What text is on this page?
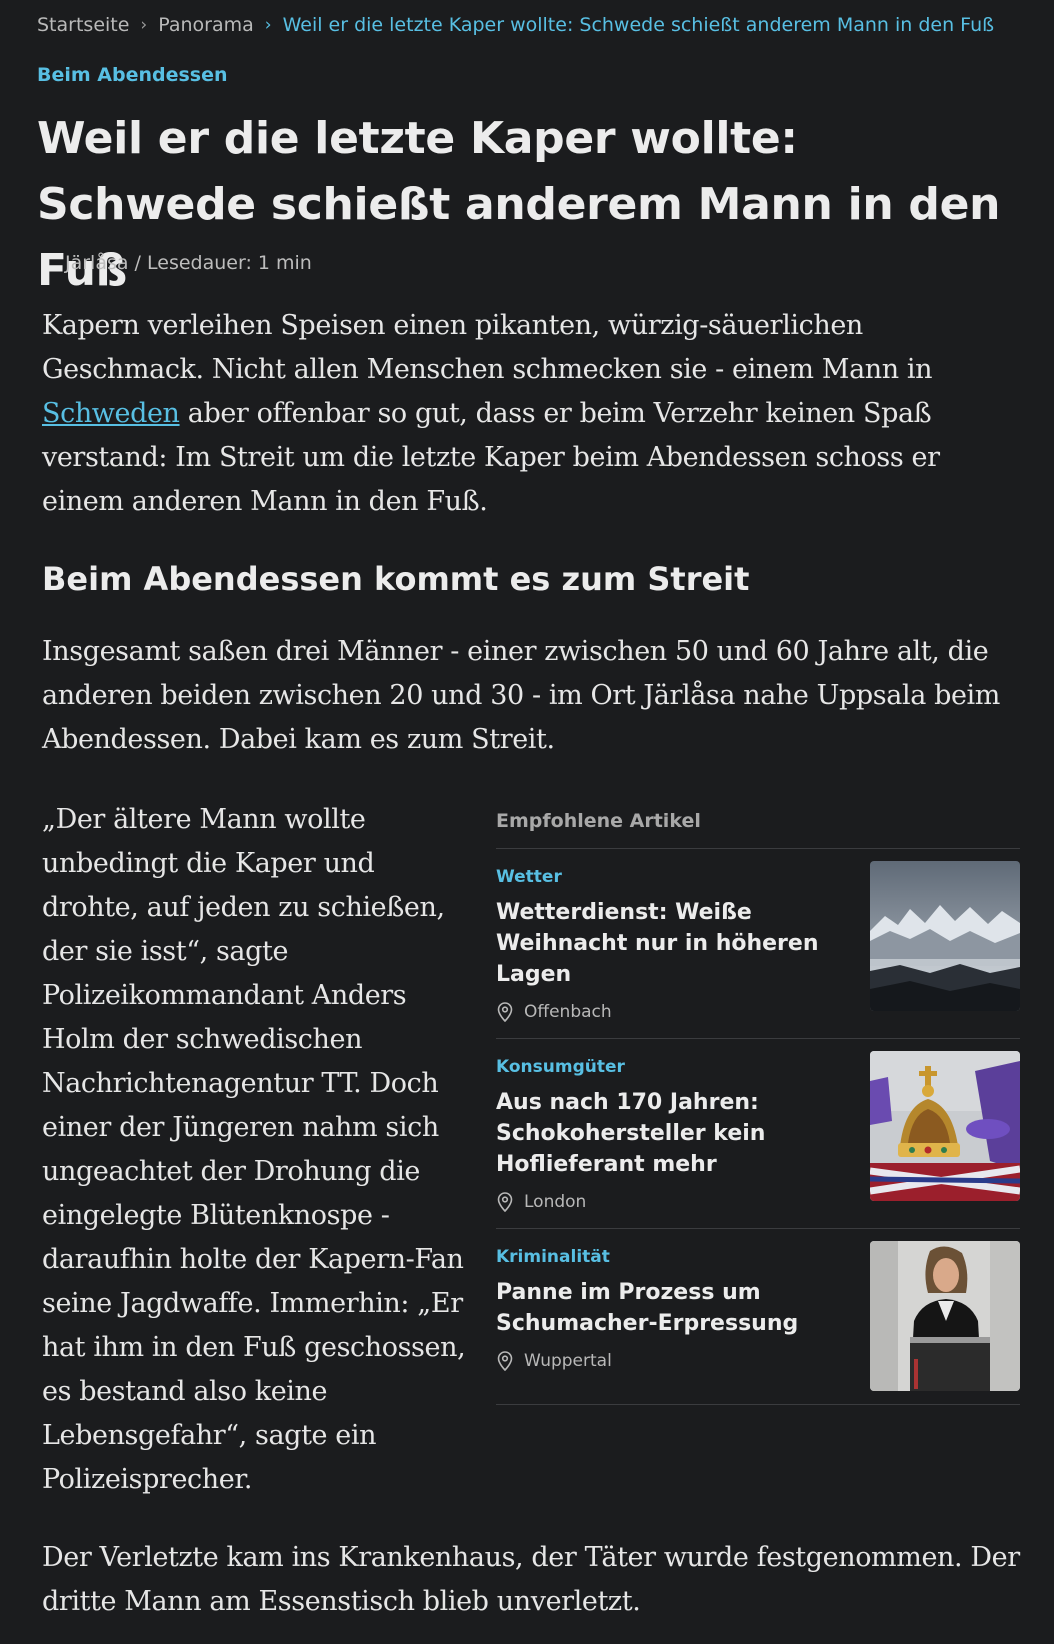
Startseite › Panorama › Weil er die letzte Kaper wollte: Schwede schießt anderem Mann in den Fuß
Beim Abendessen
Weil er die letzte Kaper wollte: Schwede schießt anderem Mann in den Fuß
Järlåsa / Lesedauer: 1 min

Kapern verleihen Speisen einen pikanten, würzig-säuerlichen Geschmack. Nicht allen Menschen schmecken sie - einem Mann in Schweden aber offenbar so gut, dass er beim Verzehr keinen Spaß verstand: Im Streit um die letzte Kaper beim Abendessen schoss er einem anderen Mann in den Fuß.

Beim Abendessen kommt es zum Streit

Insgesamt saßen drei Männer - einer zwischen 50 und 60 Jahre alt, die anderen beiden zwischen 20 und 30 - im Ort Järlåsa nahe Uppsala beim Abendessen. Dabei kam es zum Streit.

„Der ältere Mann wollte unbedingt die Kaper und drohte, auf jeden zu schießen, der sie isst“, sagte Polizeikommandant Anders Holm der schwedischen Nachrichtenagentur TT. Doch einer der Jüngeren nahm sich ungeachtet der Drohung die eingelegte Blütenknospe - daraufhin holte der Kapern-Fan seine Jagdwaffe. Immerhin: „Er hat ihm in den Fuß geschossen, es bestand also keine Lebensgefahr“, sagte ein Polizeisprecher.

Empfohlene Artikel
Wetter
Wetterdienst: Weiße Weihnacht nur in höheren Lagen
Offenbach
Konsumgüter
Aus nach 170 Jahren: Schokohersteller kein Hoflieferant mehr
London
Kriminalität
Panne im Prozess um Schumacher-Erpressung
Wuppertal

Der Verletzte kam ins Krankenhaus, der Täter wurde festgenommen. Der dritte Mann am Essenstisch blieb unverletzt.
